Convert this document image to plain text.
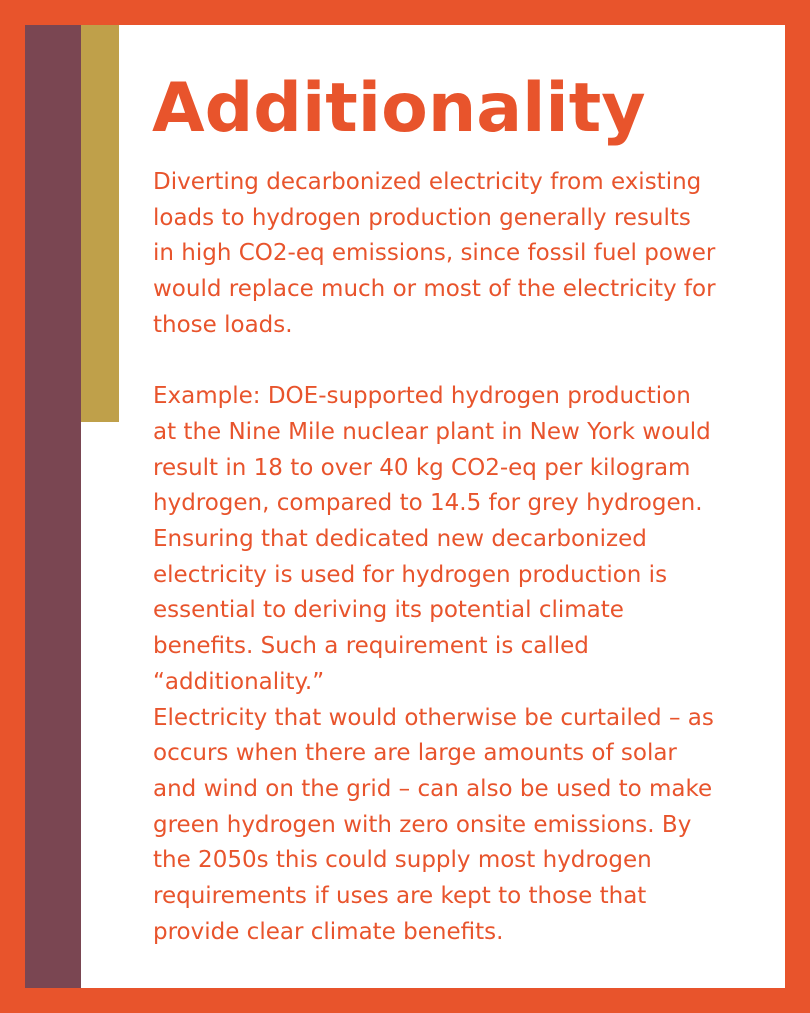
Additionality

Diverting decarbonized electricity from existing

loads to hydrogen production generally results

in high CO2-eq emissions, since fossil fuel power

would replace much or most of the electricity for

those loads.

Example: DOE-supported hydrogen production

at the Nine Mile nuclear plant in New York would

result in 18 to over 40 kg CO2-eq per kilogram

hydrogen, compared to 14.5 for grey hydrogen.

Ensuring that dedicated new decarbonized

electricity is used for hydrogen production is

essential to deriving its potential climate

benefits. Such a requirement is called

“additionality.”

Electricity that would otherwise be curtailed – as

occurs when there are large amounts of solar

and wind on the grid – can also be used to make

green hydrogen with zero onsite emissions. By

the 2050s this could supply most hydrogen

requirements if uses are kept to those that

provide clear climate benefits.
